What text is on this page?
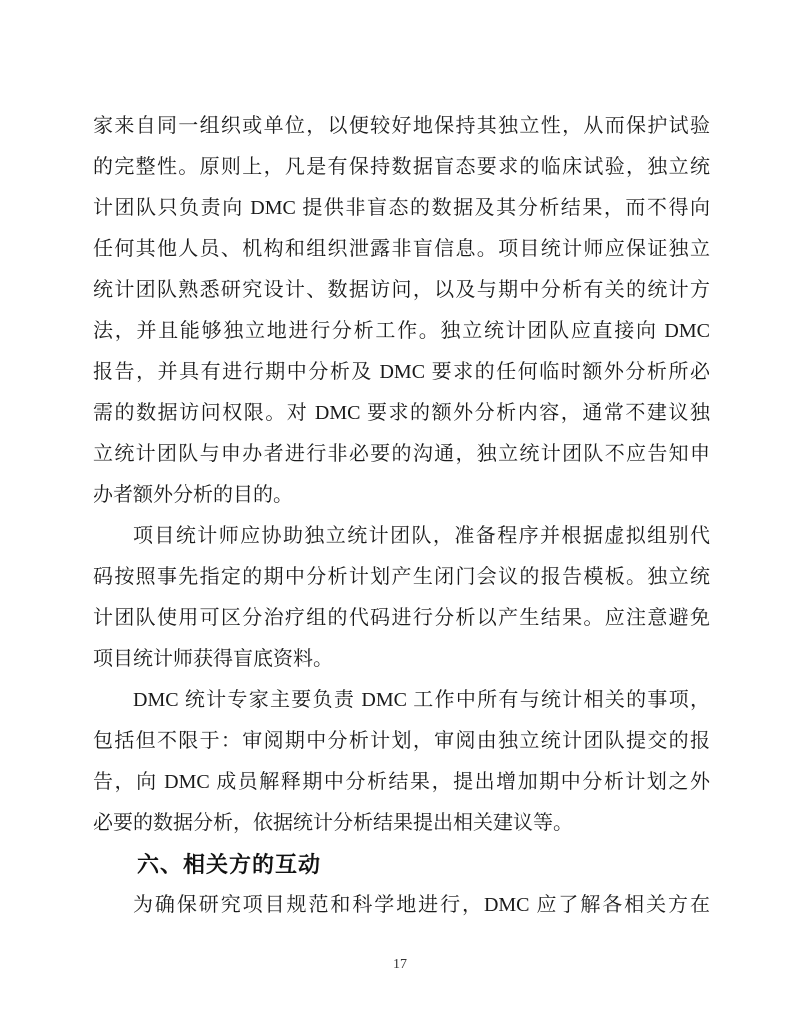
家来自同一组织或单位，以便较好地保持其独立性，从而保护试验
的完整性。原则上，凡是有保持数据盲态要求的临床试验，独立统
计团队只负责向 DMC 提供非盲态的数据及其分析结果，而不得向
任何其他人员、机构和组织泄露非盲信息。项目统计师应保证独立
统计团队熟悉研究设计、数据访问，以及与期中分析有关的统计方
法，并且能够独立地进行分析工作。独立统计团队应直接向 DMC
报告，并具有进行期中分析及 DMC 要求的任何临时额外分析所必
需的数据访问权限。对 DMC 要求的额外分析内容，通常不建议独
立统计团队与申办者进行非必要的沟通，独立统计团队不应告知申
办者额外分析的目的。
项目统计师应协助独立统计团队，准备程序并根据虚拟组别代
码按照事先指定的期中分析计划产生闭门会议的报告模板。独立统
计团队使用可区分治疗组的代码进行分析以产生结果。应注意避免
项目统计师获得盲底资料。
DMC 统计专家主要负责 DMC 工作中所有与统计相关的事项，
包括但不限于：审阅期中分析计划，审阅由独立统计团队提交的报
告，向 DMC 成员解释期中分析结果，提出增加期中分析计划之外
必要的数据分析，依据统计分析结果提出相关建议等。
六、相关方的互动
为确保研究项目规范和科学地进行，DMC 应了解各相关方在
17
